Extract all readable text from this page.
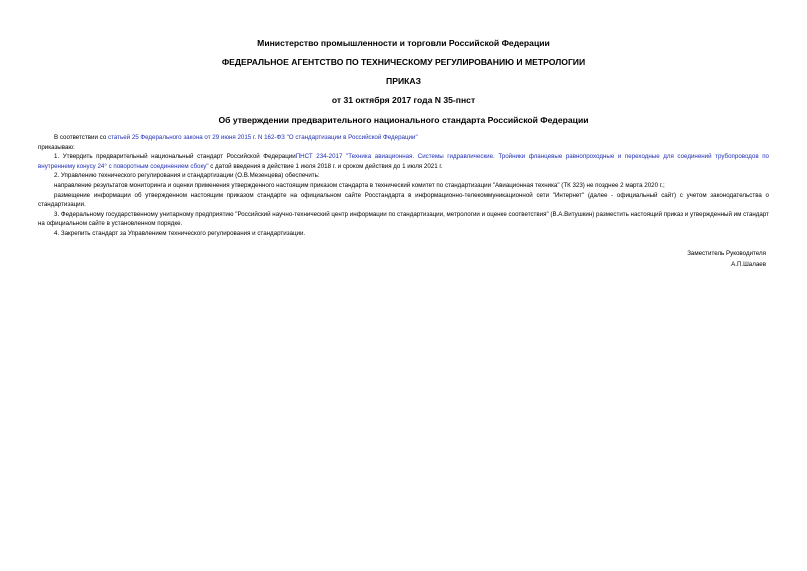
Министерство промышленности и торговли Российской Федерации
ФЕДЕРАЛЬНОЕ АГЕНТСТВО ПО ТЕХНИЧЕСКОМУ РЕГУЛИРОВАНИЮ И МЕТРОЛОГИИ
ПРИКАЗ
от 31 октября 2017 года N 35-пнст
Об утверждении предварительного национального стандарта Российской Федерации

В соответствии со статьей 25 Федерального закона от 29 июня 2015 г. N 162-ФЗ "О стандартизации в Российской Федерации"

приказываю:

1. Утвердить предварительный национальный стандарт Российской ФедерацииПНСТ 234-2017 "Техника авиационная. Системы гидравлические. Тройники фланцевые равнопроходные и переходные для соединений трубопроводов по внутреннему конусу 24° с поворотным соединением сбоку" с датой введения в действие 1 июля 2018 г. и сроком действия до 1 июля 2021 г.

2. Управлению технического регулирования и стандартизации (О.В.Мезенцева) обеспечить:

направление результатов мониторинга и оценки применения утвержденного настоящим приказом стандарта в технический комитет по стандартизации "Авиационная техника" (ТК 323) не позднее 2 марта 2020 г.;

размещение информации об утвержденном настоящим приказом стандарте на официальном сайте Росстандарта в информационно-телекоммуникационной сети "Интернет" (далее - официальный сайт) с учетом законодательства о стандартизации.

3. Федеральному государственному унитарному предприятию "Российский научно-технический центр информации по стандартизации, метрологии и оценке соответствия" (В.А.Витушкин) разместить настоящий приказ и утвержденный им стандарт на официальном сайте в установленном порядке.

4. Закрепить стандарт за Управлением технического регулирования и стандартизации.

Заместитель Руководителя
А.П.Шалаев
